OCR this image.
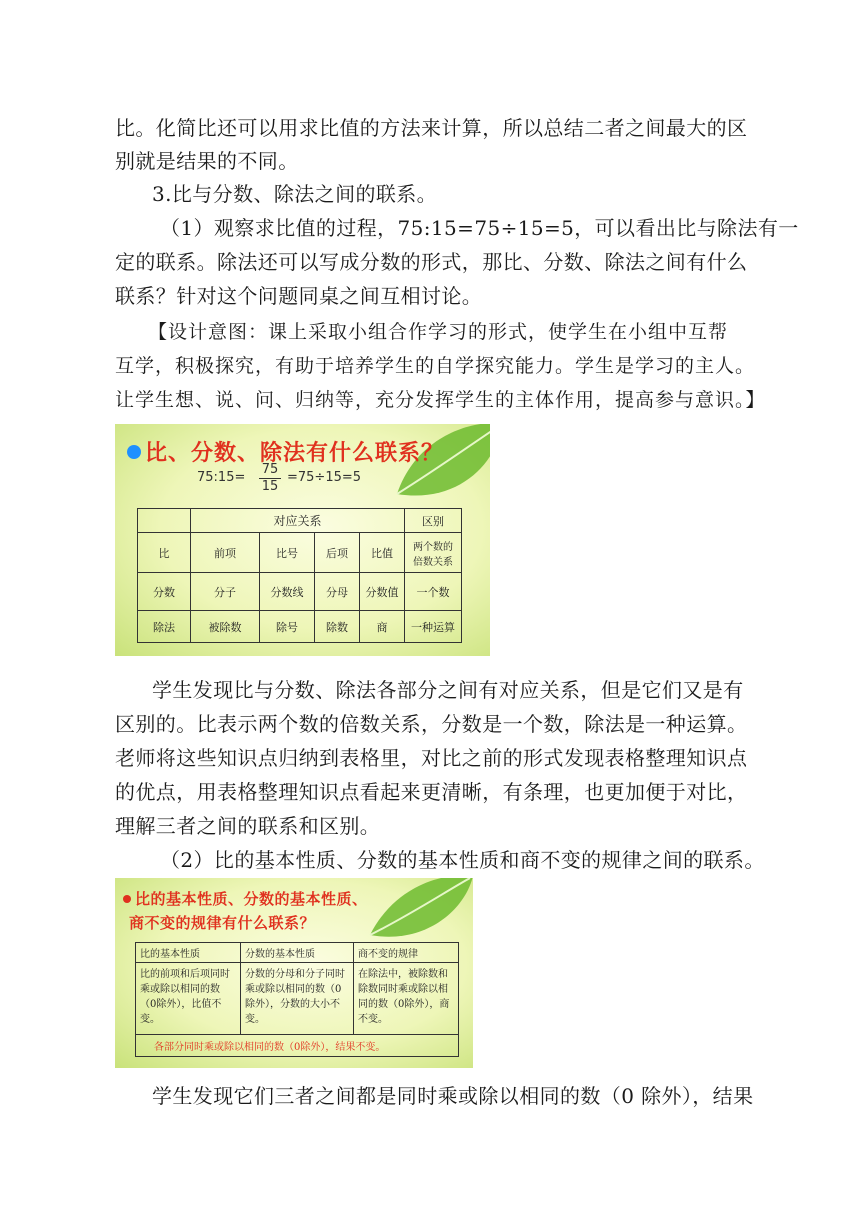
比。化简比还可以用求比值的方法来计算，所以总结二者之间最大的区
别就是结果的不同。
3.比与分数、除法之间的联系。
（1）观察求比值的过程，75:15=75÷15=5，可以看出比与除法有一
定的联系。除法还可以写成分数的形式，那比、分数、除法之间有什么
联系？针对这个问题同桌之间互相讨论。
【设计意图：课上采取小组合作学习的形式，使学生在小组中互帮
互学，积极探究，有助于培养学生的自学探究能力。学生是学习的主人。
让学生想、说、问、归纳等，充分发挥学生的主体作用，提高参与意识。】
比、分数、除法有什么联系？
75:15= $\frac{75}{15} =75\div 15=5$
	对应关系				区别
比	前项	比号	后项	比值	两个数的倍数关系
分数	分子	分数线	分母	分数值	一个数
除法	被除数	除号	除数	商	一种运算
学生发现比与分数、除法各部分之间有对应关系，但是它们又是有
区别的。比表示两个数的倍数关系，分数是一个数，除法是一种运算。
老师将这些知识点归纳到表格里，对比之前的形式发现表格整理知识点
的优点，用表格整理知识点看起来更清晰，有条理，也更加便于对比，
理解三者之间的联系和区别。
（2）比的基本性质、分数的基本性质和商不变的规律之间的联系。
比的基本性质、分数的基本性质、
商不变的规律有什么联系？
比的基本性质	分数的基本性质	商不变的规律
比的前项和后项同时乘或除以相同的数（0除外），比值不变。	分数的分母和分子同时乘或除以相同的数（0除外），分数的大小不变。	在除法中，被除数和除数同时乘或除以相同的数（0除外），商不变。
各部分同时乘或除以相同的数（0除外），结果不变。		
学生发现它们三者之间都是同时乘或除以相同的数（0 除外），结果
